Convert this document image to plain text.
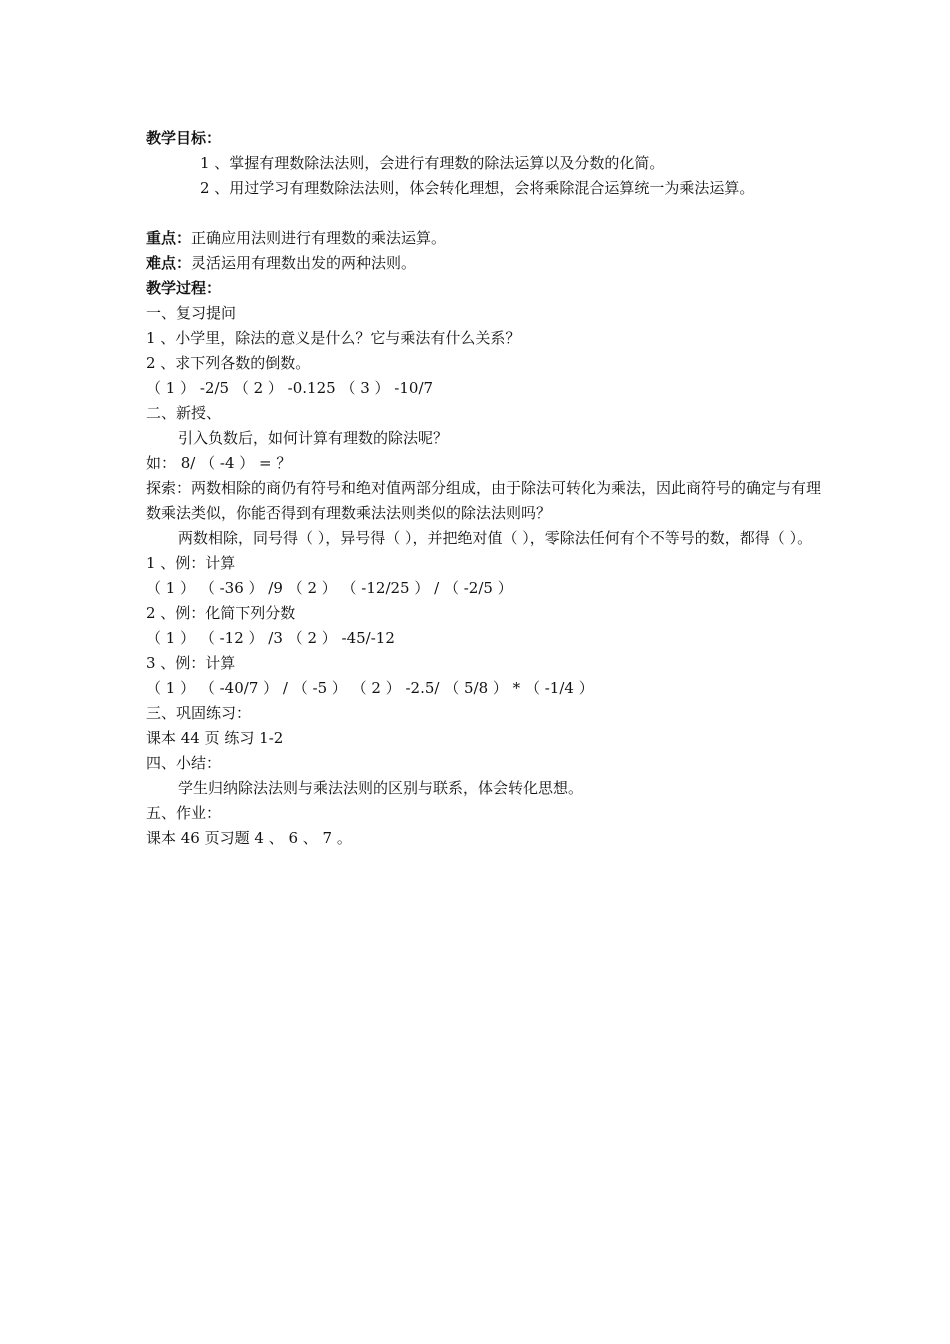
教学目标：
1 、掌握有理数除法法则，会进行有理数的除法运算以及分数的化简。
2 、用过学习有理数除法法则，体会转化理想，会将乘除混合运算统一为乘法运算。
重点：正确应用法则进行有理数的乘法运算。
难点：灵活运用有理数出发的两种法则。
教学过程：
一、复习提问
1 、小学里，除法的意义是什么？它与乘法有什么关系？
2 、求下列各数的倒数。
（ 1 ） -2/5 （ 2 ） -0.125 （ 3 ） -10/7
二、新授、
引入负数后，如何计算有理数的除法呢？
如： 8/ （ -4 ） = ？
探索：两数相除的商仍有符号和绝对值两部分组成，由于除法可转化为乘法，因此商符号的确定与有理数乘法类似，你能否得到有理数乘法法则类似的除法法则吗？
两数相除，同号得（ ），异号得（ ），并把绝对值（ ），零除法任何有个不等号的数，都得（ ）。
1 、例：计算
（ 1 ） （ -36 ） /9 （ 2 ） （ -12/25 ） / （ -2/5 ）
2 、例：化简下列分数
（ 1 ） （ -12 ） /3 （ 2 ） -45/-12
3 、例：计算
（ 1 ） （ -40/7 ） / （ -5 ） （ 2 ） -2.5/ （ 5/8 ） * （ -1/4 ）
三、巩固练习：
课本 44 页 练习 1-2
四、小结：
学生归纳除法法则与乘法法则的区别与联系，体会转化思想。
五、作业：
课本 46 页习题 4 、 6 、 7 。
